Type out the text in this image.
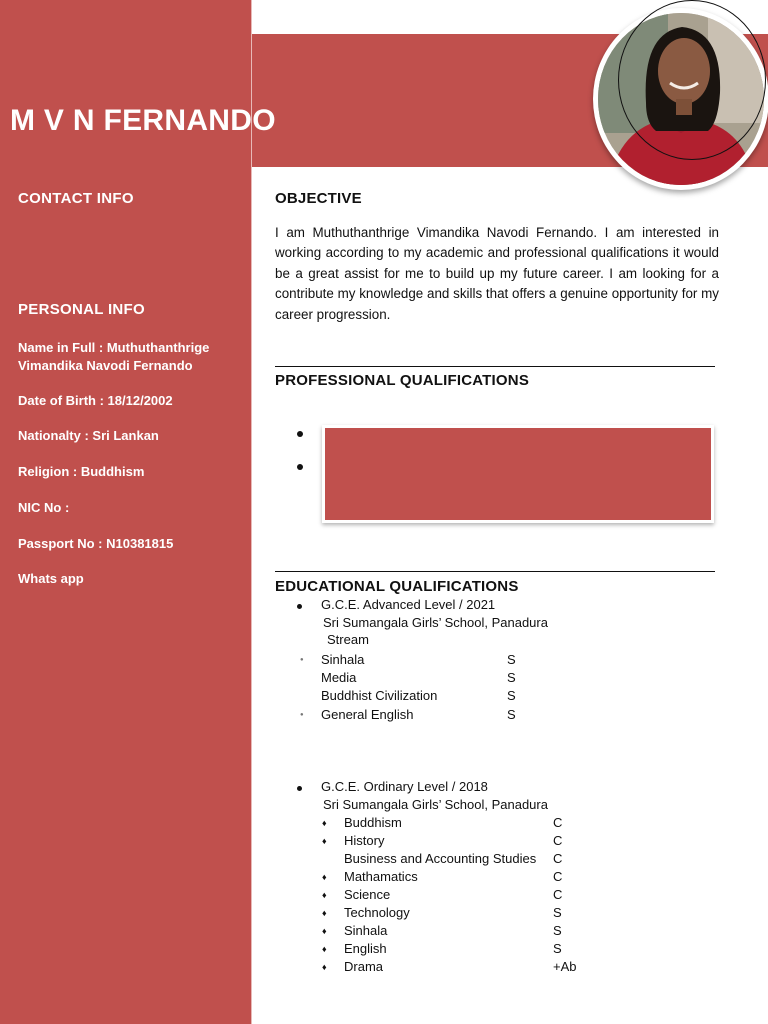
M V N FERNANDO
CONTACT INFO
PERSONAL INFO
Name in Full : Muthuthanthrige Vimandika Navodi Fernando
Date of Birth : 18/12/2002
Nationalty : Sri Lankan
Religion : Buddhism
NIC No :
Passport No : N10381815
Whats app
OBJECTIVE
I am Muthuthanthrige Vimandika Navodi Fernando. I am interested in working according to my academic and professional qualifications it would be a great assist for me to build up my future career. I am looking for a contribute my knowledge and skills that offers a genuine opportunity for my career progression.
PROFESSIONAL QUALIFICATIONS
EDUCATIONAL QUALIFICATIONS
G.C.E. Advanced Level / 2021
Sri Sumangala Girls’ School, Panadura
Stream
● Sinhala	S
Media	S
Buddhist Civilization	S
● General English	S
G.C.E. Ordinary Level / 2018
Sri Sumangala Girls’ School, Panadura
♦ Buddhism	C
♦ History	C
Business and Accounting Studies C
♦ Mathamatics	C
♦ Science	C
♦ Technology	S
♦ Sinhala	S
♦ English	S
♦ Drama	+Ab
